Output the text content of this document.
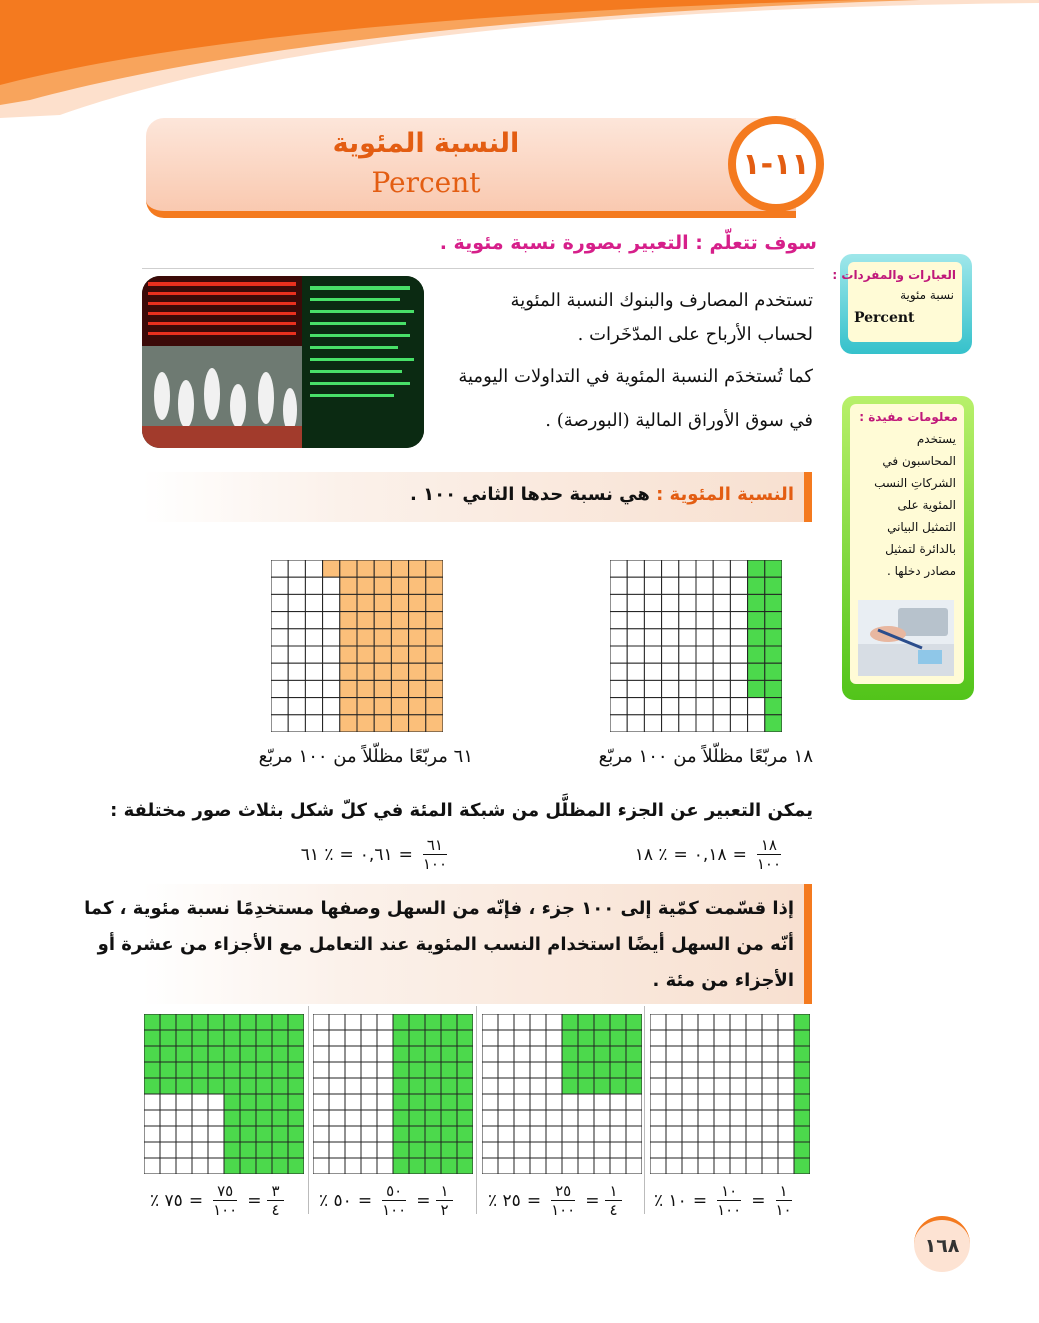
النسبة المئوية
Percent
١١-١
سوف تتعلّم : التعبير بصورة نسبة مئوية .
تستخدم المصارف والبنوك النسبة المئوية
لحساب الأرباح على المدّخَرات .
كما تُستخدَم النسبة المئوية في التداولات اليومية
في سوق الأوراق المالية (البورصة) .
النسبة المئوية : هي نسبة حدها الثاني ١٠٠ .
١٨ مربّعًا مظلّلاً من ١٠٠ مربّع
٦١ مربّعًا مظلّلاً من ١٠٠ مربّع
يمكن التعبير عن الجزء المظلَّل من شبكة المئة في كلّ شكل بثلاث صور مختلفة :
$\frac{١٨}{١٠٠}$
=
٠,١٨
=
٪ ١٨
$\frac{٦١}{١٠٠}$
=
٠,٦١
=
٪ ٦١
إذا قسّمت كمّية إلى ١٠٠ جزء ، فإنّه من السهل وصفها مستخدِمًا نسبة مئوية ، كما
أنّه من السهل أيضًا استخدام النسب المئوية عند التعامل مع الأجزاء من عشرة أو
الأجزاء من مئة .
٪ ١٠ = $\frac{١٠}{١٠٠} = \frac{١}{١٠}$
٪ ٢٥ = $\frac{٢٥}{١٠٠} = \frac{١}{٤}$
٪ ٥٠ = $\frac{٥٠}{١٠٠} = \frac{١}{٢}$
٪ ٧٥ = $\frac{٧٥}{١٠٠} = \frac{٣}{٤}$
العبارات والمفردات :
نسبة مئوية
Percent
معلومات مفيدة :
يستخدم
المحاسبون في
الشركاتِ النسب
المئوية على
التمثيل البياني
بالدائرة لتمثيل
مصادر دخلها .
١٦٨
